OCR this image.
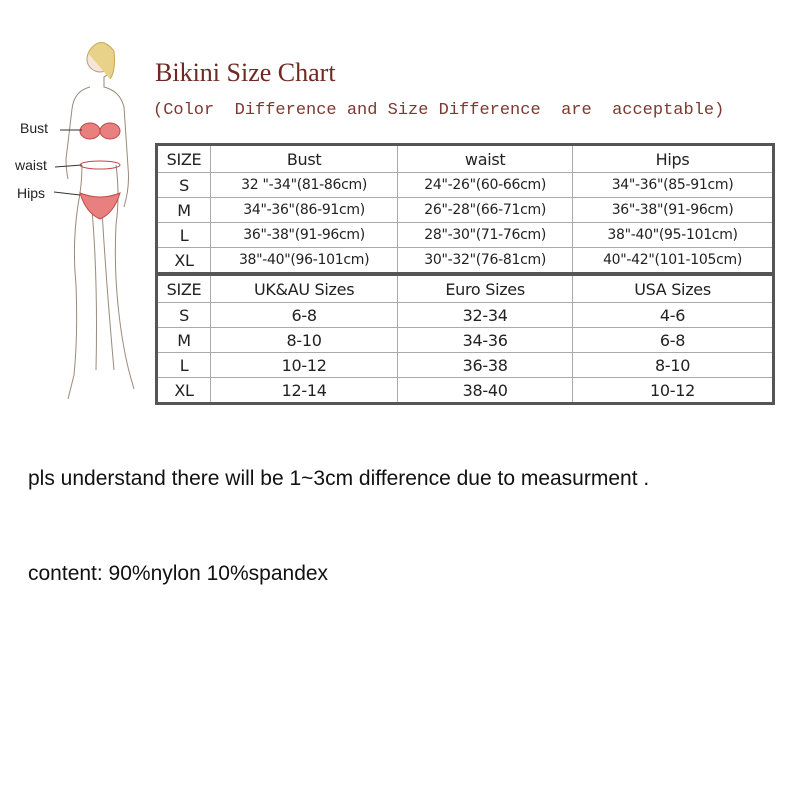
Bikini Size Chart
(Color  Difference and Size Difference  are  acceptable)
Bust
waist
Hips
SIZE	Bust	waist	Hips
S	32 "-34"(81-86cm)	24"-26"(60-66cm)	34"-36"(85-91cm)
M	34"-36"(86-91cm)	26"-28"(66-71cm)	36"-38"(91-96cm)
L	36"-38"(91-96cm)	28"-30"(71-76cm)	38"-40"(95-101cm)
XL	38"-40"(96-101cm)	30"-32"(76-81cm)	40"-42"(101-105cm)
SIZE	UK&AU Sizes	Euro Sizes	USA Sizes
S	6-8	32-34	4-6
M	8-10	34-36	6-8
L	10-12	36-38	8-10
XL	12-14	38-40	10-12
pls understand there will be 1~3cm difference due to measurment .
content: 90%nylon 10%spandex
